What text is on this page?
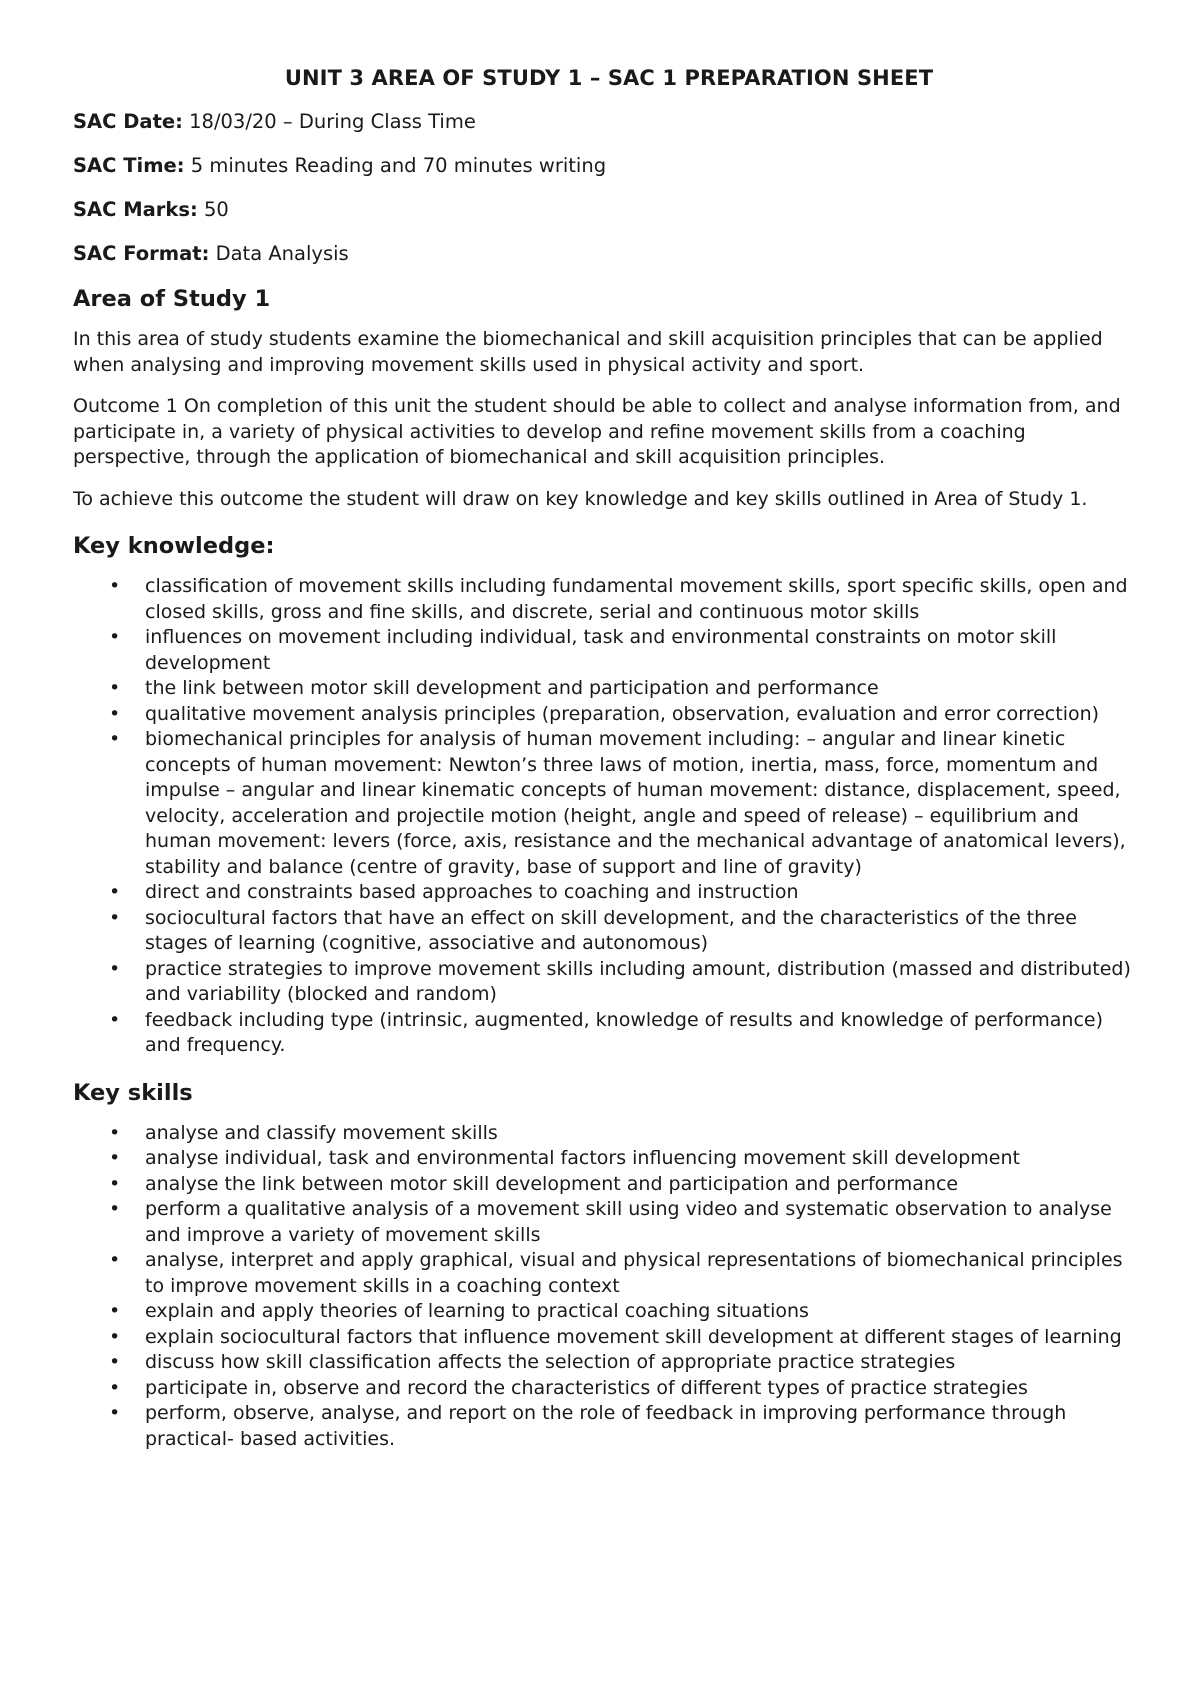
UNIT 3 AREA OF STUDY 1 – SAC 1 PREPARATION SHEET
SAC Date: 18/03/20 – During Class Time
SAC Time: 5 minutes Reading and 70 minutes writing
SAC Marks: 50
SAC Format: Data Analysis
Area of Study 1

In this area of study students examine the biomechanical and skill acquisition principles that can be applied when analysing and improving movement skills used in physical activity and sport.

Outcome 1 On completion of this unit the student should be able to collect and analyse information from, and participate in, a variety of physical activities to develop and refine movement skills from a coaching perspective, through the application of biomechanical and skill acquisition principles.

To achieve this outcome the student will draw on key knowledge and key skills outlined in Area of Study 1.

Key knowledge:
• classification of movement skills including fundamental movement skills, sport specific skills, open and closed skills, gross and fine skills, and discrete, serial and continuous motor skills
• influences on movement including individual, task and environmental constraints on motor skill development
• the link between motor skill development and participation and performance
• qualitative movement analysis principles (preparation, observation, evaluation and error correction)
• biomechanical principles for analysis of human movement including: – angular and linear kinetic concepts of human movement: Newton’s three laws of motion, inertia, mass, force, momentum and impulse – angular and linear kinematic concepts of human movement: distance, displacement, speed, velocity, acceleration and projectile motion (height, angle and speed of release) – equilibrium and human movement: levers (force, axis, resistance and the mechanical advantage of anatomical levers), stability and balance (centre of gravity, base of support and line of gravity)
• direct and constraints based approaches to coaching and instruction
• sociocultural factors that have an effect on skill development, and the characteristics of the three stages of learning (cognitive, associative and autonomous)
• practice strategies to improve movement skills including amount, distribution (massed and distributed) and variability (blocked and random)
• feedback including type (intrinsic, augmented, knowledge of results and knowledge of performance) and frequency.
Key skills
• analyse and classify movement skills
• analyse individual, task and environmental factors influencing movement skill development
• analyse the link between motor skill development and participation and performance
• perform a qualitative analysis of a movement skill using video and systematic observation to analyse and improve a variety of movement skills
• analyse, interpret and apply graphical, visual and physical representations of biomechanical principles to improve movement skills in a coaching context
• explain and apply theories of learning to practical coaching situations
• explain sociocultural factors that influence movement skill development at different stages of learning
• discuss how skill classification affects the selection of appropriate practice strategies
• participate in, observe and record the characteristics of different types of practice strategies
• perform, observe, analyse, and report on the role of feedback in improving performance through practical- based activities.
